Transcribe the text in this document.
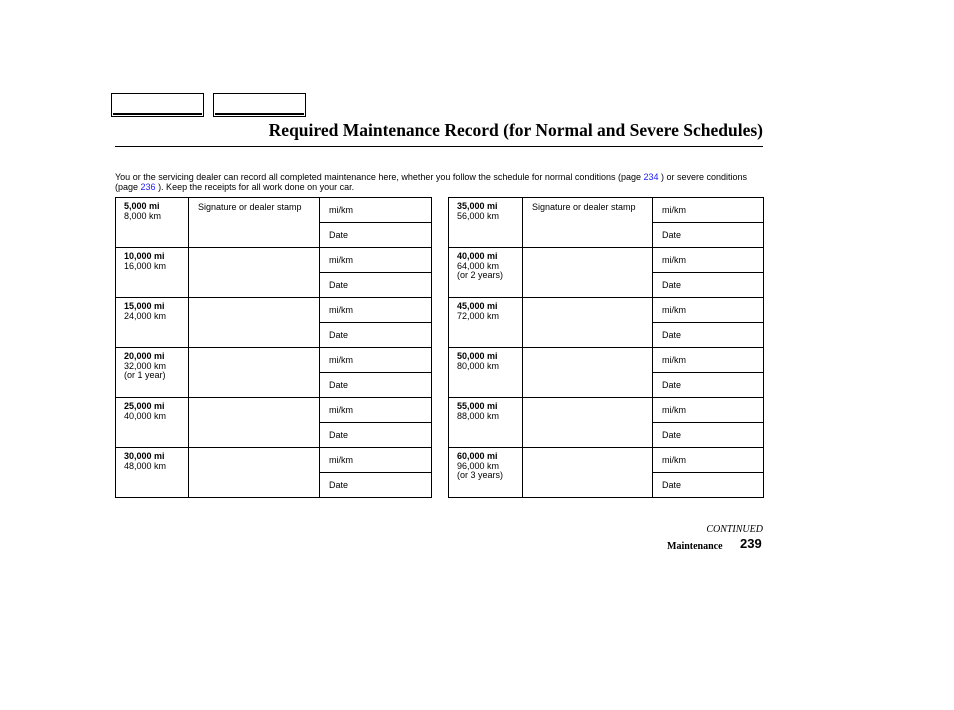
Required Maintenance Record (for Normal and Severe Schedules)
You or the servicing dealer can record all completed maintenance here, whether you follow the schedule for normal conditions (page 234 ) or severe conditions (page 236 ). Keep the receipts for all work done on your car.
5,000 mi
8,000 km	Signature or dealer stamp	mi/km
		Date

10,000 mi
16,000 km		mi/km
		Date

15,000 mi
24,000 km		mi/km
		Date

20,000 mi
32,000 km
(or 1 year)		mi/km
		Date

25,000 mi
40,000 km		mi/km
		Date

30,000 mi
48,000 km		mi/km
		Date
35,000 mi
56,000 km	Signature or dealer stamp	mi/km
		Date

40,000 mi
64,000 km
(or 2 years)		mi/km
		Date

45,000 mi
72,000 km		mi/km
		Date

50,000 mi
80,000 km		mi/km
		Date

55,000 mi
88,000 km		mi/km
		Date

60,000 mi
96,000 km
(or 3 years)		mi/km
		Date
CONTINUED
Maintenance 239
